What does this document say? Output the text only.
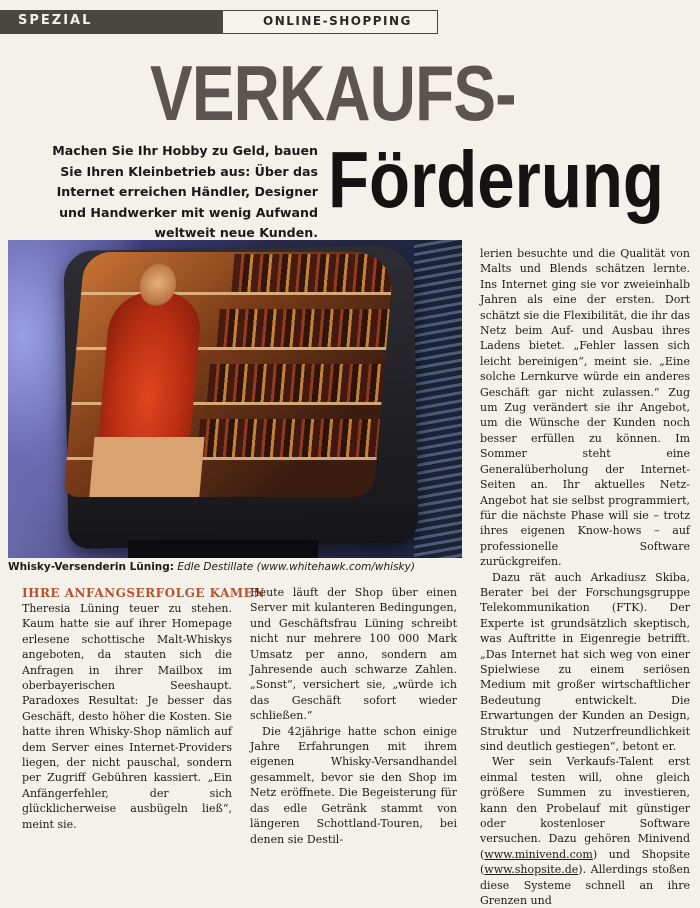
SPEZIAL	ONLINE-SHOPPING
VERKAUFS-
Förderung
Machen Sie Ihr Hobby zu Geld, bauen Sie Ihren Kleinbetrieb aus: Über das Internet erreichen Händler, Designer und Handwerker mit wenig Aufwand weltweit neue Kunden.
Whisky-Versenderin Lüning: Edle Destillate (www.whitehawk.com/whisky)
IHRE ANFANGSERFOLGE KAMEN

Theresia Lüning teuer zu stehen. Kaum hatte sie auf ihrer Homepage erlesene schottische Malt-Whiskys angeboten, da stauten sich die Anfragen in ihrer Mailbox im oberbayerischen Seeshaupt. Paradoxes Resultat: Je besser das Geschäft, desto höher die Kosten. Sie hatte ihren Whisky-Shop nämlich auf dem Server eines Internet-Providers liegen, der nicht pauschal, sondern per Zugriff Gebühren kassiert. „Ein Anfängerfehler, der sich glücklicherweise ausbügeln ließ“, meint sie.

Heute läuft der Shop über einen Server mit kulanteren Bedingungen, und Geschäftsfrau Lüning schreibt nicht nur mehrere 100 000 Mark Umsatz per anno, sondern am Jahresende auch schwarze Zahlen. „Sonst“, versichert sie, „würde ich das Geschäft sofort wieder schließen.“

Die 42jährige hatte schon einige Jahre Erfahrungen mit ihrem eigenen Whisky-Versandhandel gesammelt, bevor sie den Shop im Netz eröffnete. Die Begeisterung für das edle Getränk stammt von längeren Schottland-Touren, bei denen sie Destil-

lerien besuchte und die Qualität von Malts und Blends schätzen lernte. Ins Internet ging sie vor zweieinhalb Jahren als eine der ersten. Dort schätzt sie die Flexibilität, die ihr das Netz beim Auf- und Ausbau ihres Ladens bietet. „Fehler lassen sich leicht bereinigen“, meint sie. „Eine solche Lernkurve würde ein anderes Geschäft gar nicht zulassen.“ Zug um Zug verändert sie ihr Angebot, um die Wünsche der Kunden noch besser erfüllen zu können. Im Sommer steht eine Generalüberholung der Internet-Seiten an. Ihr aktuelles Netz-Angebot hat sie selbst programmiert, für die nächste Phase will sie – trotz ihres eigenen Know-hows – auf professionelle Software zurückgreifen.

Dazu rät auch Arkadiusz Skiba, Berater bei der Forschungsgruppe Telekommunikation (FTK). Der Experte ist grundsätzlich skeptisch, was Auftritte in Eigenregie betrifft. „Das Internet hat sich weg von einer Spielwiese zu einem seriösen Medium mit großer wirtschaftlicher Bedeutung entwickelt. Die Erwartungen der Kunden an Design, Struktur und Nutzerfreundlichkeit sind deutlich gestiegen“, betont er.

Wer sein Verkaufs-Talent erst einmal testen will, ohne gleich größere Summen zu investieren, kann den Probelauf mit günstiger oder kostenloser Software versuchen. Dazu gehören Minivend (www.minivend.com) und Shopsite (www.shopsite.de). Allerdings stoßen diese Systeme schnell an ihre Grenzen und
